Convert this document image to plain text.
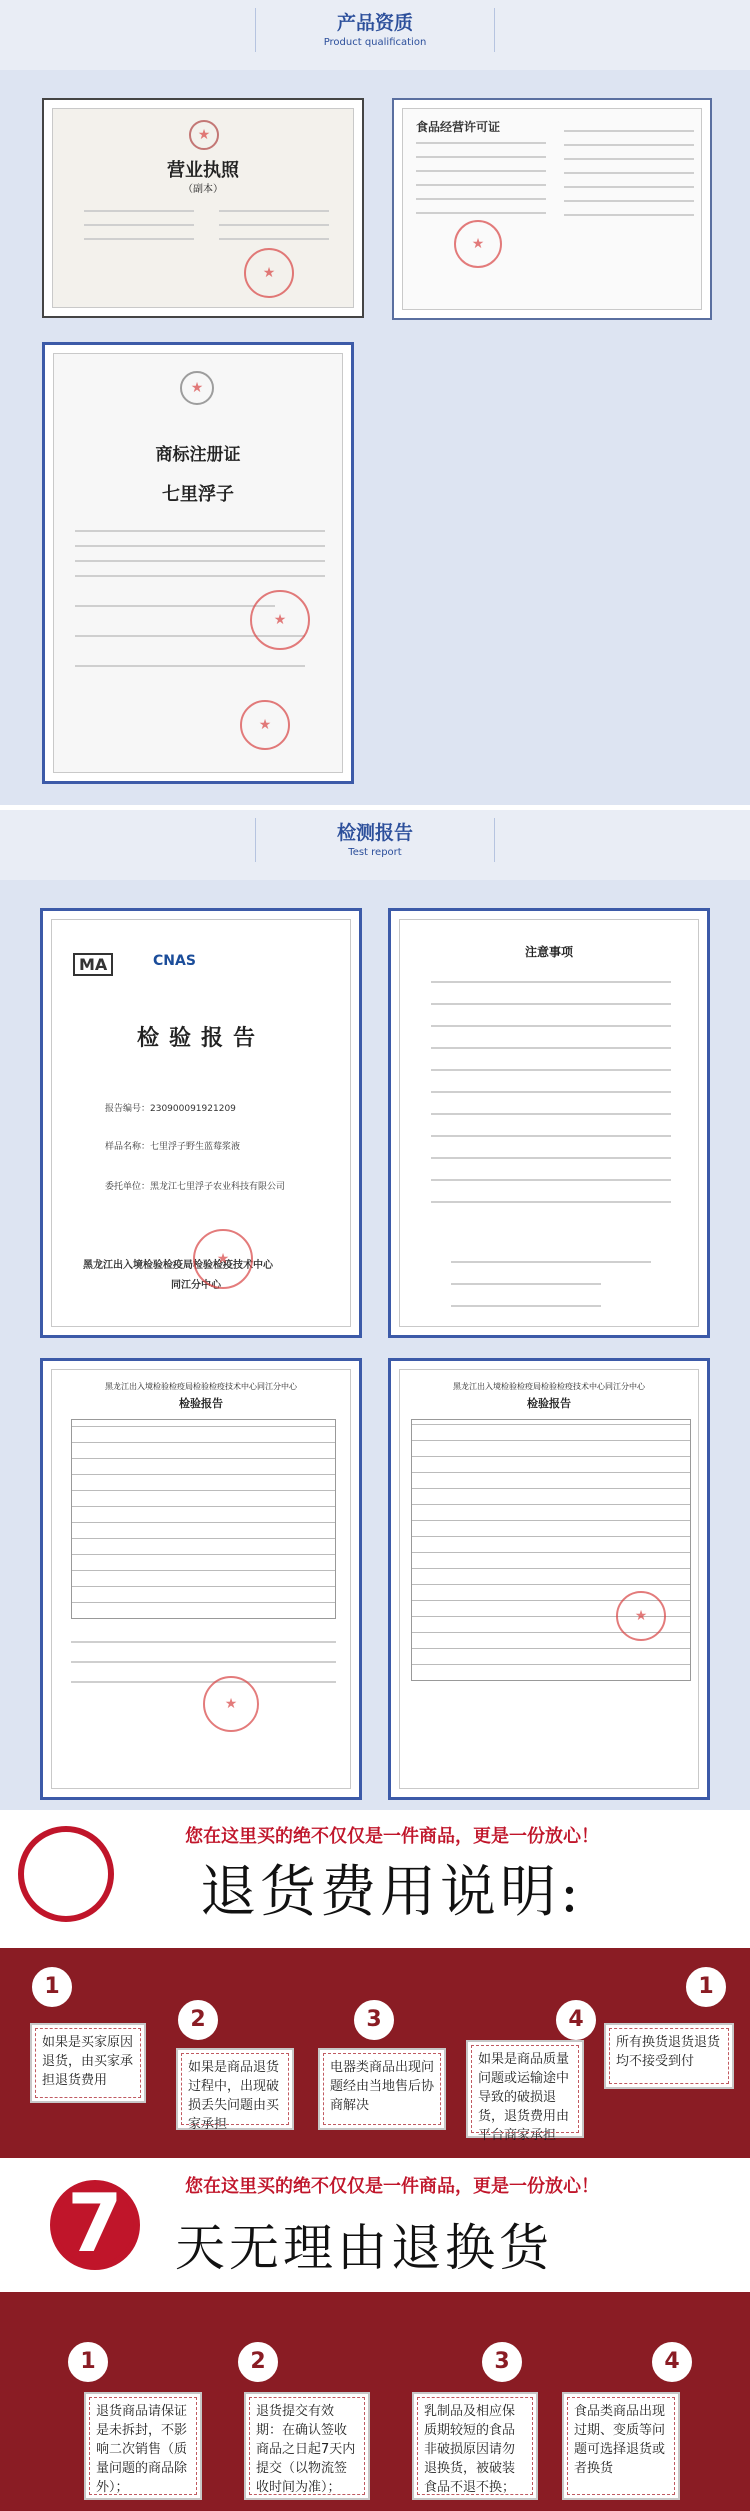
产品资质
Product qualification
★
营业执照
（副本）
★
食品经营许可证
★
★
商标注册证
七里浮子
★
★
检测报告
Test report
MA	CNAS
检验报告
报告编号：230900091921209
样品名称：七里浮子野生蓝莓浆液
委托单位：黑龙江七里浮子农业科技有限公司
黑龙江出入境检验检疫局检验检疫技术中心
同江分中心
★
注意事项
黑龙江出入境检验检疫局检验检疫技术中心同江分中心
检验报告
★
黑龙江出入境检验检疫局检验检疫技术中心同江分中心
检验报告
★
您在这里买的绝不仅仅是一件商品，更是一份放心！
退货费用说明:
1
如果是买家原因退货，由买家承担退货费用
2
如果是商品退货过程中，出现破损丢失问题由买家承担
3
电器类商品出现问题经由当地售后协商解决
4
如果是商品质量问题或运输途中导致的破损退货，退货费用由平台商家承担
1
所有换货退货退货均不接受到付
您在这里买的绝不仅仅是一件商品，更是一份放心！
7 天无理由退换货
1
退货商品请保证是未拆封，不影响二次销售（质量问题的商品除外）；
2
退货提交有效期：在确认签收商品之日起7天内提交（以物流签收时间为准）；
3
乳制品及相应保质期较短的食品非破损原因请勿退换货，被破装食品不退不换；
4
食品类商品出现过期、变质等问题可选择退货或者换货
